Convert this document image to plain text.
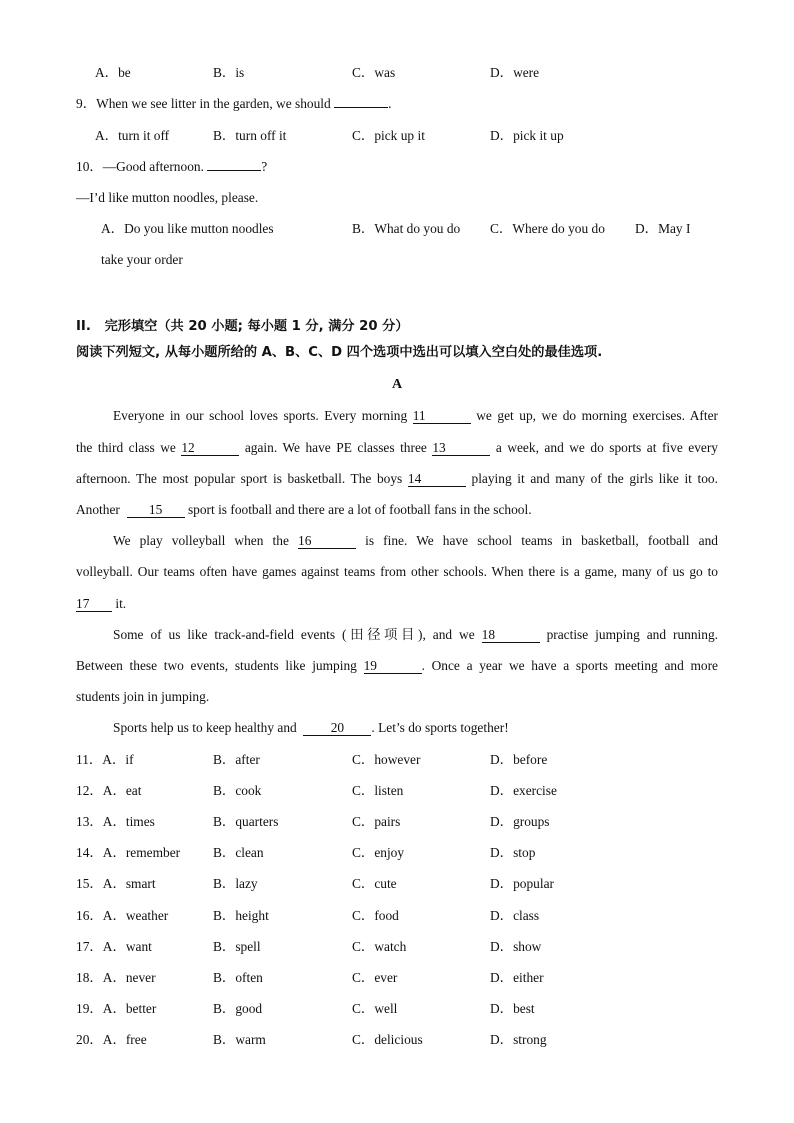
A．be	B．is	C．was	D．were
9．When we see litter in the garden, we should	.
A．turn it off	B．turn off it	C．pick up it	D．pick it up
10．—Good afternoon.	?
—I’d like mutton noodles, please.
A．Do you like mutton noodles	B．What do you do C．Where do you do D．May I
take your order
II. 完形填空（共 20 小题; 每小题 1 分, 满分 20 分）
阅读下列短文, 从每小题所给的 A、B、C、D 四个选项中选出可以填入空白处的最佳选项.
A
Everyone in our school loves sports. Every morning 11	we get up, we do morning exercises. After
the third class we 12	again. We have PE classes three 13	a week, and we do sports at five every
afternoon. The most popular sport is basketball. The boys 14	playing it and many of the girls like it too.
Another 15 sport is football and there are a lot of football fans in the school.
We play volleyball when the 16	is fine. We have school teams in basketball, football and
volleyball. Our teams often have games against teams from other schools. When there is a game, many of us go to
17 it.
Some of us like track-and-field events (田径项目), and we 18	practise jumping and running.
Between these two events, students like jumping 19	. Once a year we have a sports meeting and more
students join in jumping.
Sports help us to keep healthy and	20 . Let’s do sports together!
11．A．if	B．after	C．however	D．before
12．A．eat	B．cook	C．listen	D．exercise
13．A．times	B．quarters	C．pairs	D．groups
14．A．remember B．clean	C．enjoy	D．stop
15．A．smart	B．lazy	C．cute	D．popular
16．A．weather	B．height	C．food	D．class
17．A．want	B．spell	C．watch	D．show
18．A．never	B．often	C．ever	D．either
19．A．better	B．good	C．well	D．best
20．A．free	B．warm	C．delicious	D．strong
